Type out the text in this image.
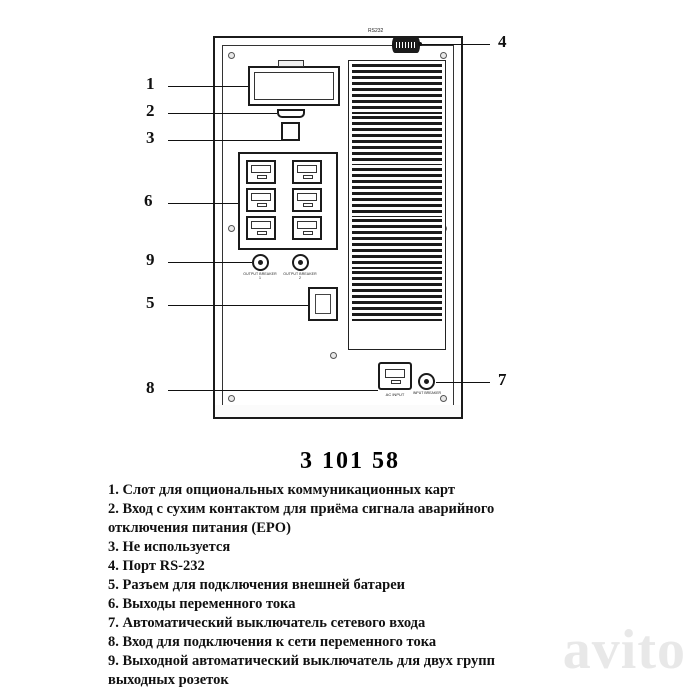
OUTPUT BREAKER 1
OUTPUT BREAKER 2
RS232
AC INPUT	INPUT BREAKER
1
2
3
6
9
5
8
4
7
3 101 58
1. Слот для опциональных коммуникационных карт
2. Вход с сухим контактом для приёма сигнала аварийного
отключения питания (EPO)
3. Не используется
4. Порт RS-232
5. Разъем для подключения внешней батареи
6. Выходы переменного тока
7. Автоматический выключатель сетевого входа
8. Вход для подключения к сети переменного тока
9. Выходной автоматический выключатель для двух групп
выходных розеток	avito
